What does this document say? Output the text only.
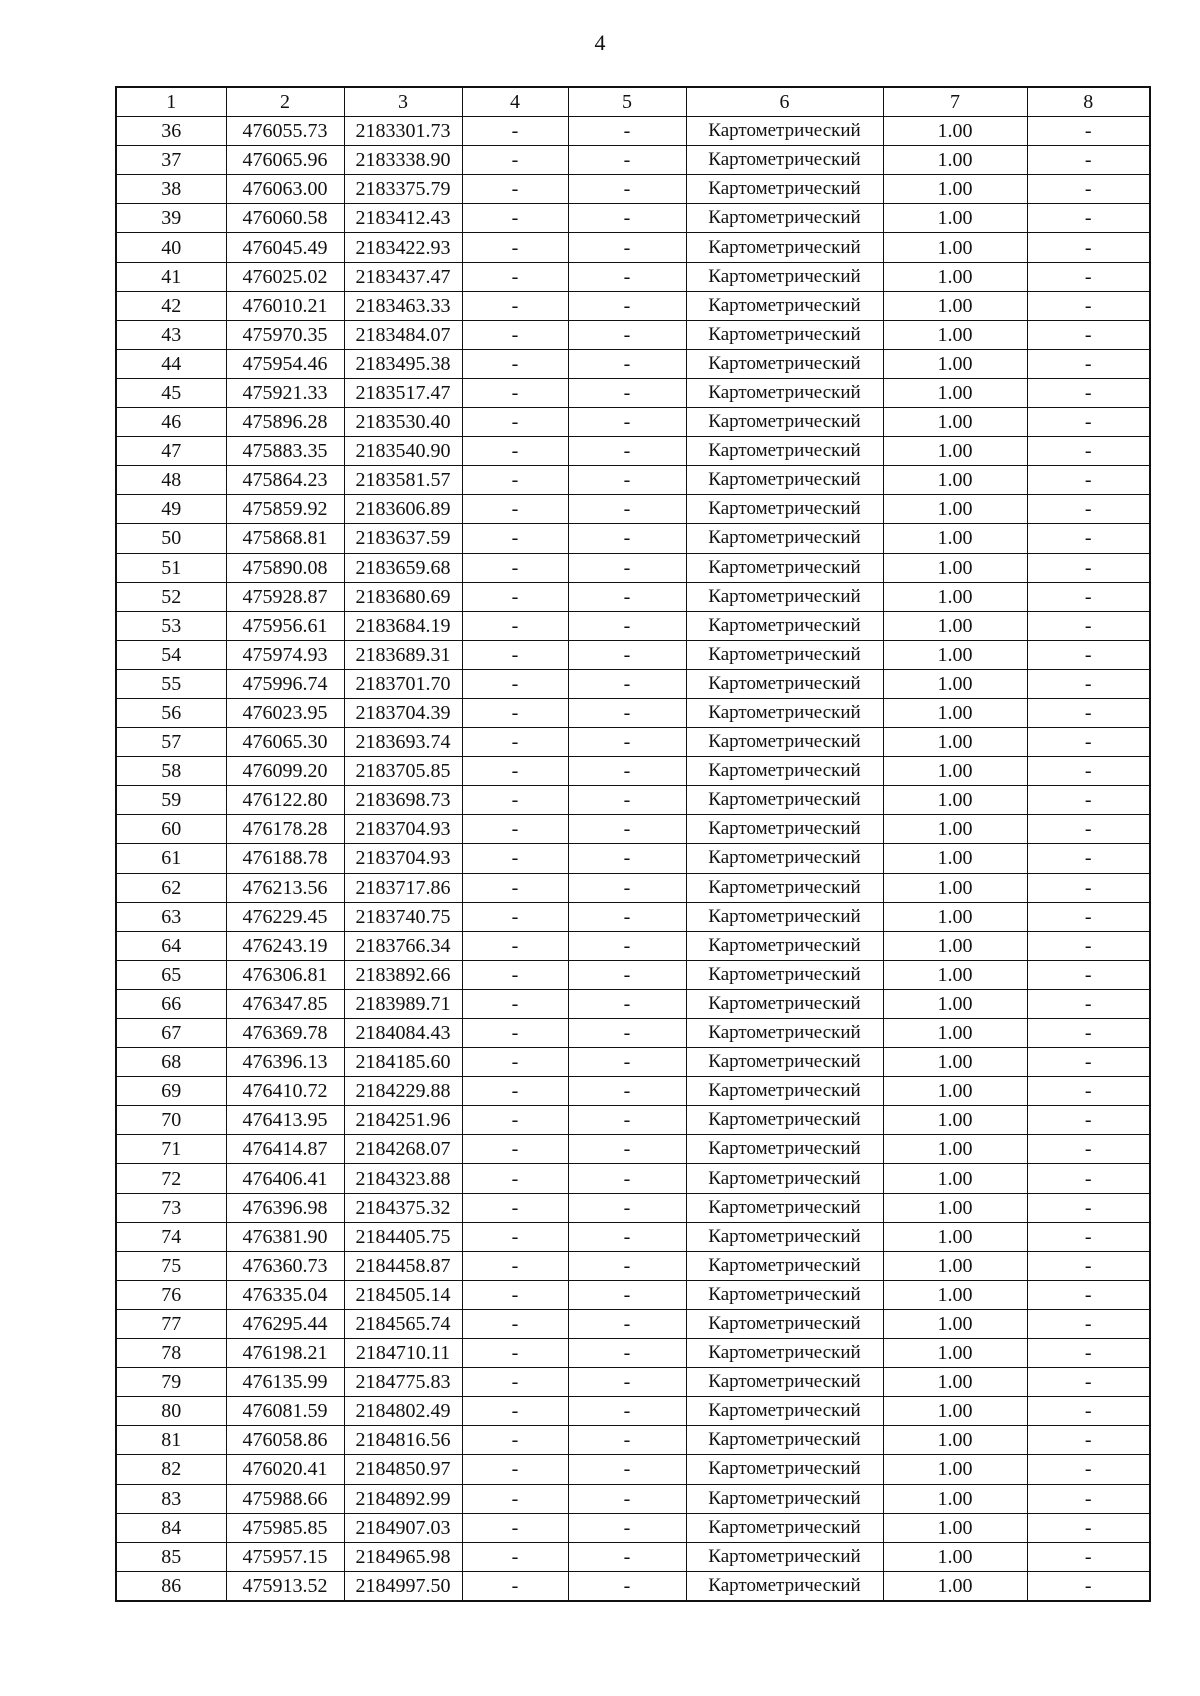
4
1	2	3	4	5	6	7	8
36	476055.73	2183301.73	-	-	Картометрический	1.00	-
37	476065.96	2183338.90	-	-	Картометрический	1.00	-
38	476063.00	2183375.79	-	-	Картометрический	1.00	-
39	476060.58	2183412.43	-	-	Картометрический	1.00	-
40	476045.49	2183422.93	-	-	Картометрический	1.00	-
41	476025.02	2183437.47	-	-	Картометрический	1.00	-
42	476010.21	2183463.33	-	-	Картометрический	1.00	-
43	475970.35	2183484.07	-	-	Картометрический	1.00	-
44	475954.46	2183495.38	-	-	Картометрический	1.00	-
45	475921.33	2183517.47	-	-	Картометрический	1.00	-
46	475896.28	2183530.40	-	-	Картометрический	1.00	-
47	475883.35	2183540.90	-	-	Картометрический	1.00	-
48	475864.23	2183581.57	-	-	Картометрический	1.00	-
49	475859.92	2183606.89	-	-	Картометрический	1.00	-
50	475868.81	2183637.59	-	-	Картометрический	1.00	-
51	475890.08	2183659.68	-	-	Картометрический	1.00	-
52	475928.87	2183680.69	-	-	Картометрический	1.00	-
53	475956.61	2183684.19	-	-	Картометрический	1.00	-
54	475974.93	2183689.31	-	-	Картометрический	1.00	-
55	475996.74	2183701.70	-	-	Картометрический	1.00	-
56	476023.95	2183704.39	-	-	Картометрический	1.00	-
57	476065.30	2183693.74	-	-	Картометрический	1.00	-
58	476099.20	2183705.85	-	-	Картометрический	1.00	-
59	476122.80	2183698.73	-	-	Картометрический	1.00	-
60	476178.28	2183704.93	-	-	Картометрический	1.00	-
61	476188.78	2183704.93	-	-	Картометрический	1.00	-
62	476213.56	2183717.86	-	-	Картометрический	1.00	-
63	476229.45	2183740.75	-	-	Картометрический	1.00	-
64	476243.19	2183766.34	-	-	Картометрический	1.00	-
65	476306.81	2183892.66	-	-	Картометрический	1.00	-
66	476347.85	2183989.71	-	-	Картометрический	1.00	-
67	476369.78	2184084.43	-	-	Картометрический	1.00	-
68	476396.13	2184185.60	-	-	Картометрический	1.00	-
69	476410.72	2184229.88	-	-	Картометрический	1.00	-
70	476413.95	2184251.96	-	-	Картометрический	1.00	-
71	476414.87	2184268.07	-	-	Картометрический	1.00	-
72	476406.41	2184323.88	-	-	Картометрический	1.00	-
73	476396.98	2184375.32	-	-	Картометрический	1.00	-
74	476381.90	2184405.75	-	-	Картометрический	1.00	-
75	476360.73	2184458.87	-	-	Картометрический	1.00	-
76	476335.04	2184505.14	-	-	Картометрический	1.00	-
77	476295.44	2184565.74	-	-	Картометрический	1.00	-
78	476198.21	2184710.11	-	-	Картометрический	1.00	-
79	476135.99	2184775.83	-	-	Картометрический	1.00	-
80	476081.59	2184802.49	-	-	Картометрический	1.00	-
81	476058.86	2184816.56	-	-	Картометрический	1.00	-
82	476020.41	2184850.97	-	-	Картометрический	1.00	-
83	475988.66	2184892.99	-	-	Картометрический	1.00	-
84	475985.85	2184907.03	-	-	Картометрический	1.00	-
85	475957.15	2184965.98	-	-	Картометрический	1.00	-
86	475913.52	2184997.50	-	-	Картометрический	1.00	-
